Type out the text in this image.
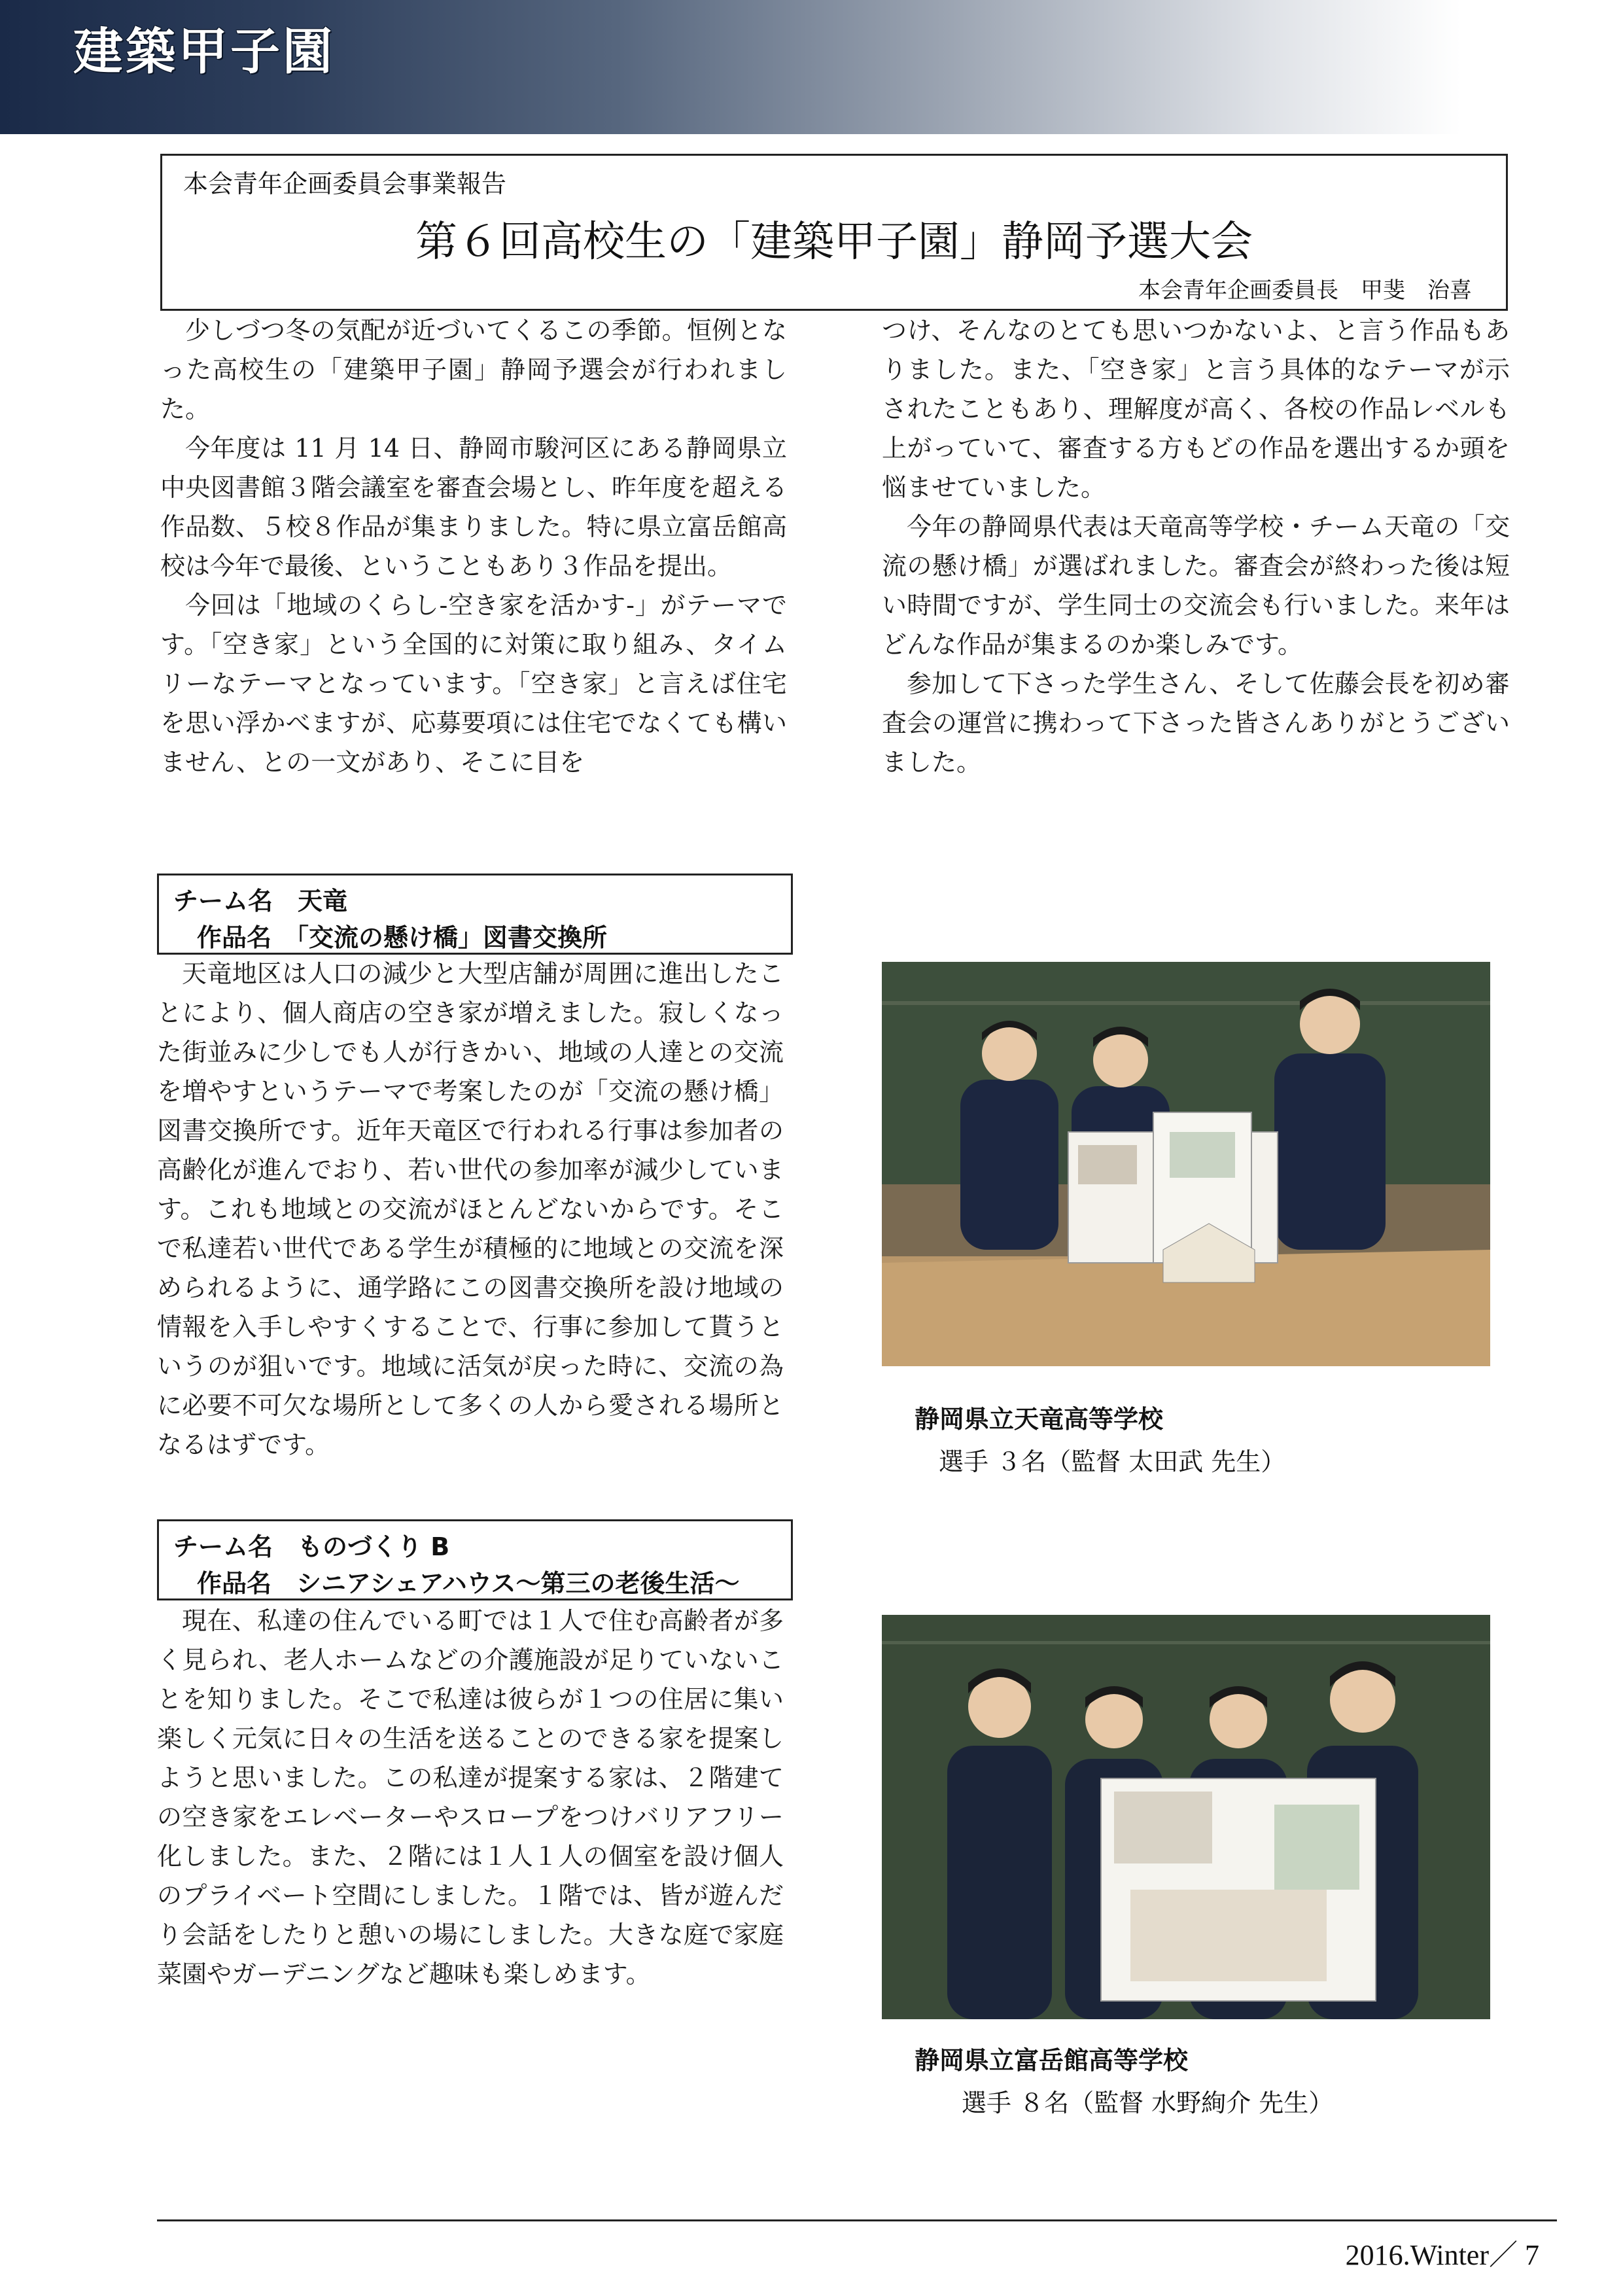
建築甲子園
本会青年企画委員会事業報告
第６回高校生の「建築甲子園」静岡予選大会
本会青年企画委員長　甲斐　治喜

少しづつ冬の気配が近づいてくるこの季節。恒例となった高校生の「建築甲子園」静岡予選会が行われました。

今年度は 11 月 14 日、静岡市駿河区にある静岡県立中央図書館３階会議室を審査会場とし、昨年度を超える作品数、５校８作品が集まりました。特に県立富岳館高校は今年で最後、ということもあり３作品を提出。

今回は「地域のくらし‐空き家を活かす‐」がテーマです。「空き家」という全国的に対策に取り組み、タイムリーなテーマとなっています。「空き家」と言えば住宅を思い浮かべますが、応募要項には住宅でなくても構いません、との一文があり、そこに目を

つけ、そんなのとても思いつかないよ、と言う作品もありました。また、「空き家」と言う具体的なテーマが示されたこともあり、理解度が高く、各校の作品レベルも上がっていて、審査する方もどの作品を選出するか頭を悩ませていました。

今年の静岡県代表は天竜高等学校・チーム天竜の「交流の懸け橋」が選ばれました。審査会が終わった後は短い時間ですが、学生同士の交流会も行いました。来年はどんな作品が集まるのか楽しみです。

参加して下さった学生さん、そして佐藤会長を初め審査会の運営に携わって下さった皆さんありがとうございました。

チーム名　天竜
作品名　「交流の懸け橋」図書交換所

天竜地区は人口の減少と大型店舗が周囲に進出したことにより、個人商店の空き家が増えました。寂しくなった街並みに少しでも人が行きかい、地域の人達との交流を増やすというテーマで考案したのが「交流の懸け橋」図書交換所です。近年天竜区で行われる行事は参加者の高齢化が進んでおり、若い世代の参加率が減少しています。これも地域との交流がほとんどないからです。そこで私達若い世代である学生が積極的に地域との交流を深められるように、通学路にこの図書交換所を設け地域の情報を入手しやすくすることで、行事に参加して貰うというのが狙いです。地域に活気が戻った時に、交流の為に必要不可欠な場所として多くの人から愛される場所となるはずです。

静岡県立天竜高等学校
選手 ３名（監督 太田武 先生）
チーム名　ものづくり B
作品名　シニアシェアハウス～第三の老後生活～

現在、私達の住んでいる町では１人で住む高齢者が多く見られ、老人ホームなどの介護施設が足りていないことを知りました。そこで私達は彼らが１つの住居に集い楽しく元気に日々の生活を送ることのできる家を提案しようと思いました。この私達が提案する家は、２階建ての空き家をエレベーターやスロープをつけバリアフリー化しました。また、２階には１人１人の個室を設け個人のプライベート空間にしました。１階では、皆が遊んだり会話をしたりと憩いの場にしました。大きな庭で家庭菜園やガーデニングなど趣味も楽しめます。

静岡県立富岳館高等学校
選手 ８名（監督 水野絢介 先生）
2016.Winter／ 7
